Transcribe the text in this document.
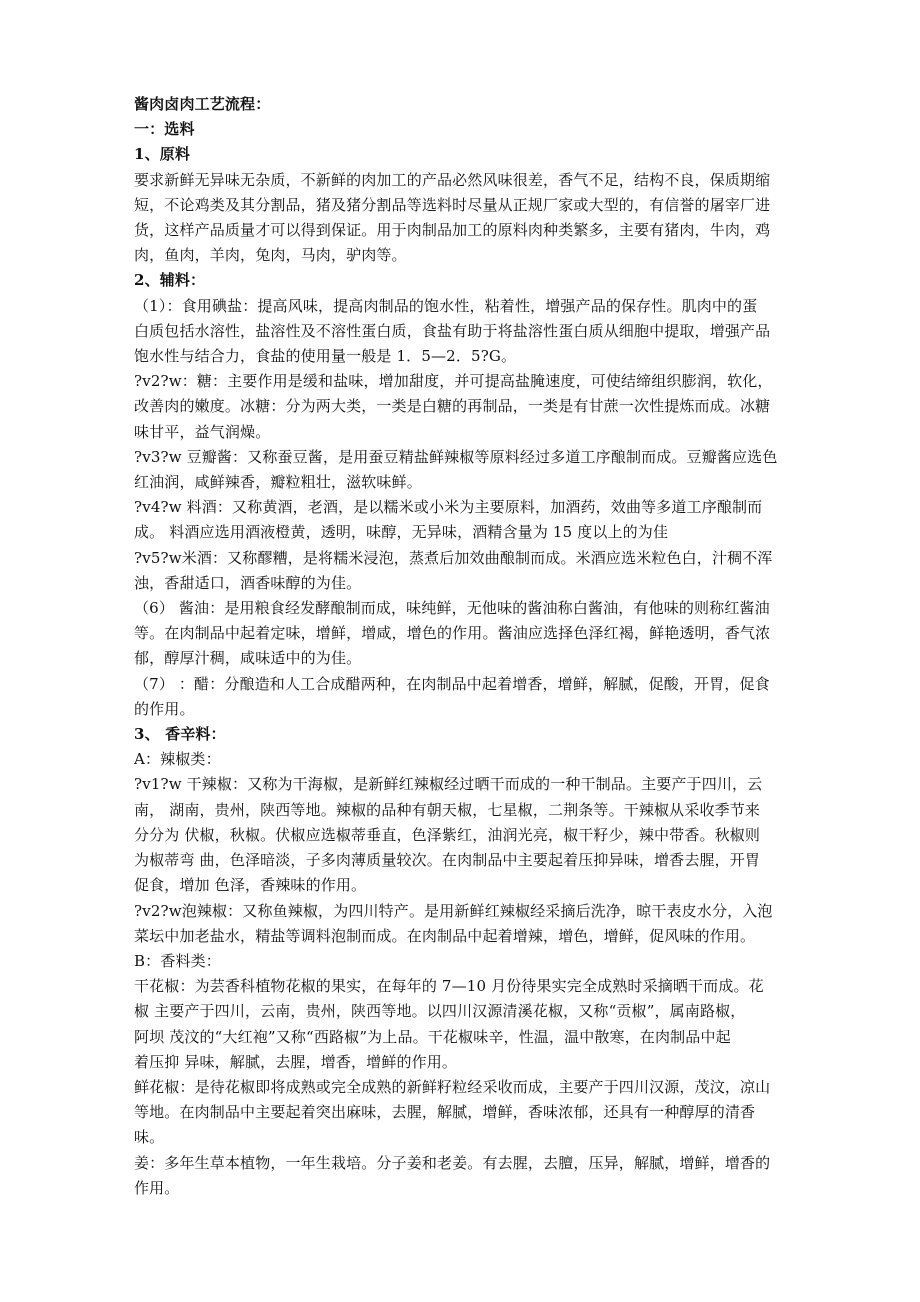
酱肉卤肉工艺流程：

一：选料

1、原料

要求新鲜无异味无杂质，不新鲜的肉加工的产品必然风味很差，香气不足，结构不良，保质期缩
短，不论鸡类及其分割品，猪及猪分割品等选料时尽量从正规厂家或大型的，有信誉的屠宰厂进
货，这样产品质量才可以得到保证。用于肉制品加工的原料肉种类繁多，主要有猪肉，牛肉，鸡
肉，鱼肉，羊肉，兔肉，马肉，驴肉等。

2、辅料：

（1）：食用碘盐：提高风味，提高肉制品的饱水性，粘着性，增强产品的保存性。肌肉中的蛋
白质包括水溶性，盐溶性及不溶性蛋白质，食盐有助于将盐溶性蛋白质从细胞中提取，增强产品
饱水性与结合力，食盐的使用量一般是 1．5—2．5?G。

?v2?w：糖：主要作用是缓和盐味，增加甜度，并可提高盐腌速度，可使结缔组织膨润，软化，
改善肉的嫩度。冰糖：分为两大类，一类是白糖的再制品，一类是有甘蔗一次性提炼而成。冰糖
味甘平，益气润燥。

?v3?w 豆瓣酱：又称蚕豆酱，是用蚕豆精盐鲜辣椒等原料经过多道工序酿制而成。豆瓣酱应选色
红油润，咸鲜辣香，瓣粒粗壮，滋软味鲜。

?v4?w 料酒：又称黄酒，老酒，是以糯米或小米为主要原料，加酒药，效曲等多道工序酿制而
成。 料酒应选用酒液橙黄，透明，味醇，无异味，酒精含量为 15 度以上的为佳

?v5?w米酒：又称醪糟，是将糯米浸泡，蒸煮后加效曲酿制而成。米酒应选米粒色白，汁稠不浑
浊，香甜适口，酒香味醇的为佳。

（6） 酱油：是用粮食经发酵酿制而成，味纯鲜，无他味的酱油称白酱油，有他味的则称红酱油
等。在肉制品中起着定味，增鲜，增咸，增色的作用。酱油应选择色泽红褐，鲜艳透明，香气浓
郁，醇厚汁稠，咸味适中的为佳。

（7） ：醋：分酿造和人工合成醋两种，在肉制品中起着增香，增鲜，解腻，促酸，开胃，促食
的作用。

3、 香辛料：

A：辣椒类：

?v1?w 干辣椒：又称为干海椒，是新鲜红辣椒经过晒干而成的一种干制品。主要产于四川，云
南， 湖南，贵州，陕西等地。辣椒的品种有朝天椒，七星椒，二荆条等。干辣椒从采收季节来
分分为 伏椒，秋椒。伏椒应选椒蒂垂直，色泽紫红，油润光亮，椒干籽少，辣中带香。秋椒则
为椒蒂弯 曲，色泽暗淡，子多肉薄质量较次。在肉制品中主要起着压抑异味，增香去腥，开胃
促食，增加 色泽，香辣味的作用。

?v2?w泡辣椒：又称鱼辣椒，为四川特产。是用新鲜红辣椒经采摘后洗净，晾干表皮水分，入泡
菜坛中加老盐水，精盐等调料泡制而成。在肉制品中起着增辣，增色，增鲜，促风味的作用。

B：香料类：

干花椒：为芸香科植物花椒的果实，在每年的 7—10 月份待果实完全成熟时采摘晒干而成。花
椒 主要产于四川，云南，贵州，陕西等地。以四川汉源清溪花椒，又称“贡椒”，属南路椒，
阿坝 茂汶的“大红袍”又称“西路椒”为上品。干花椒味辛，性温，温中散寒，在肉制品中起
着压抑 异味，解腻，去腥，增香，增鲜的作用。

鲜花椒：是待花椒即将成熟或完全成熟的新鲜籽粒经采收而成，主要产于四川汉源，茂汶，凉山
等地。在肉制品中主要起着突出麻味，去腥，解腻，增鲜，香味浓郁，还具有一种醇厚的清香
味。

姜：多年生草本植物，一年生栽培。分子姜和老姜。有去腥，去膻，压异，解腻，增鲜，增香的
作用。
